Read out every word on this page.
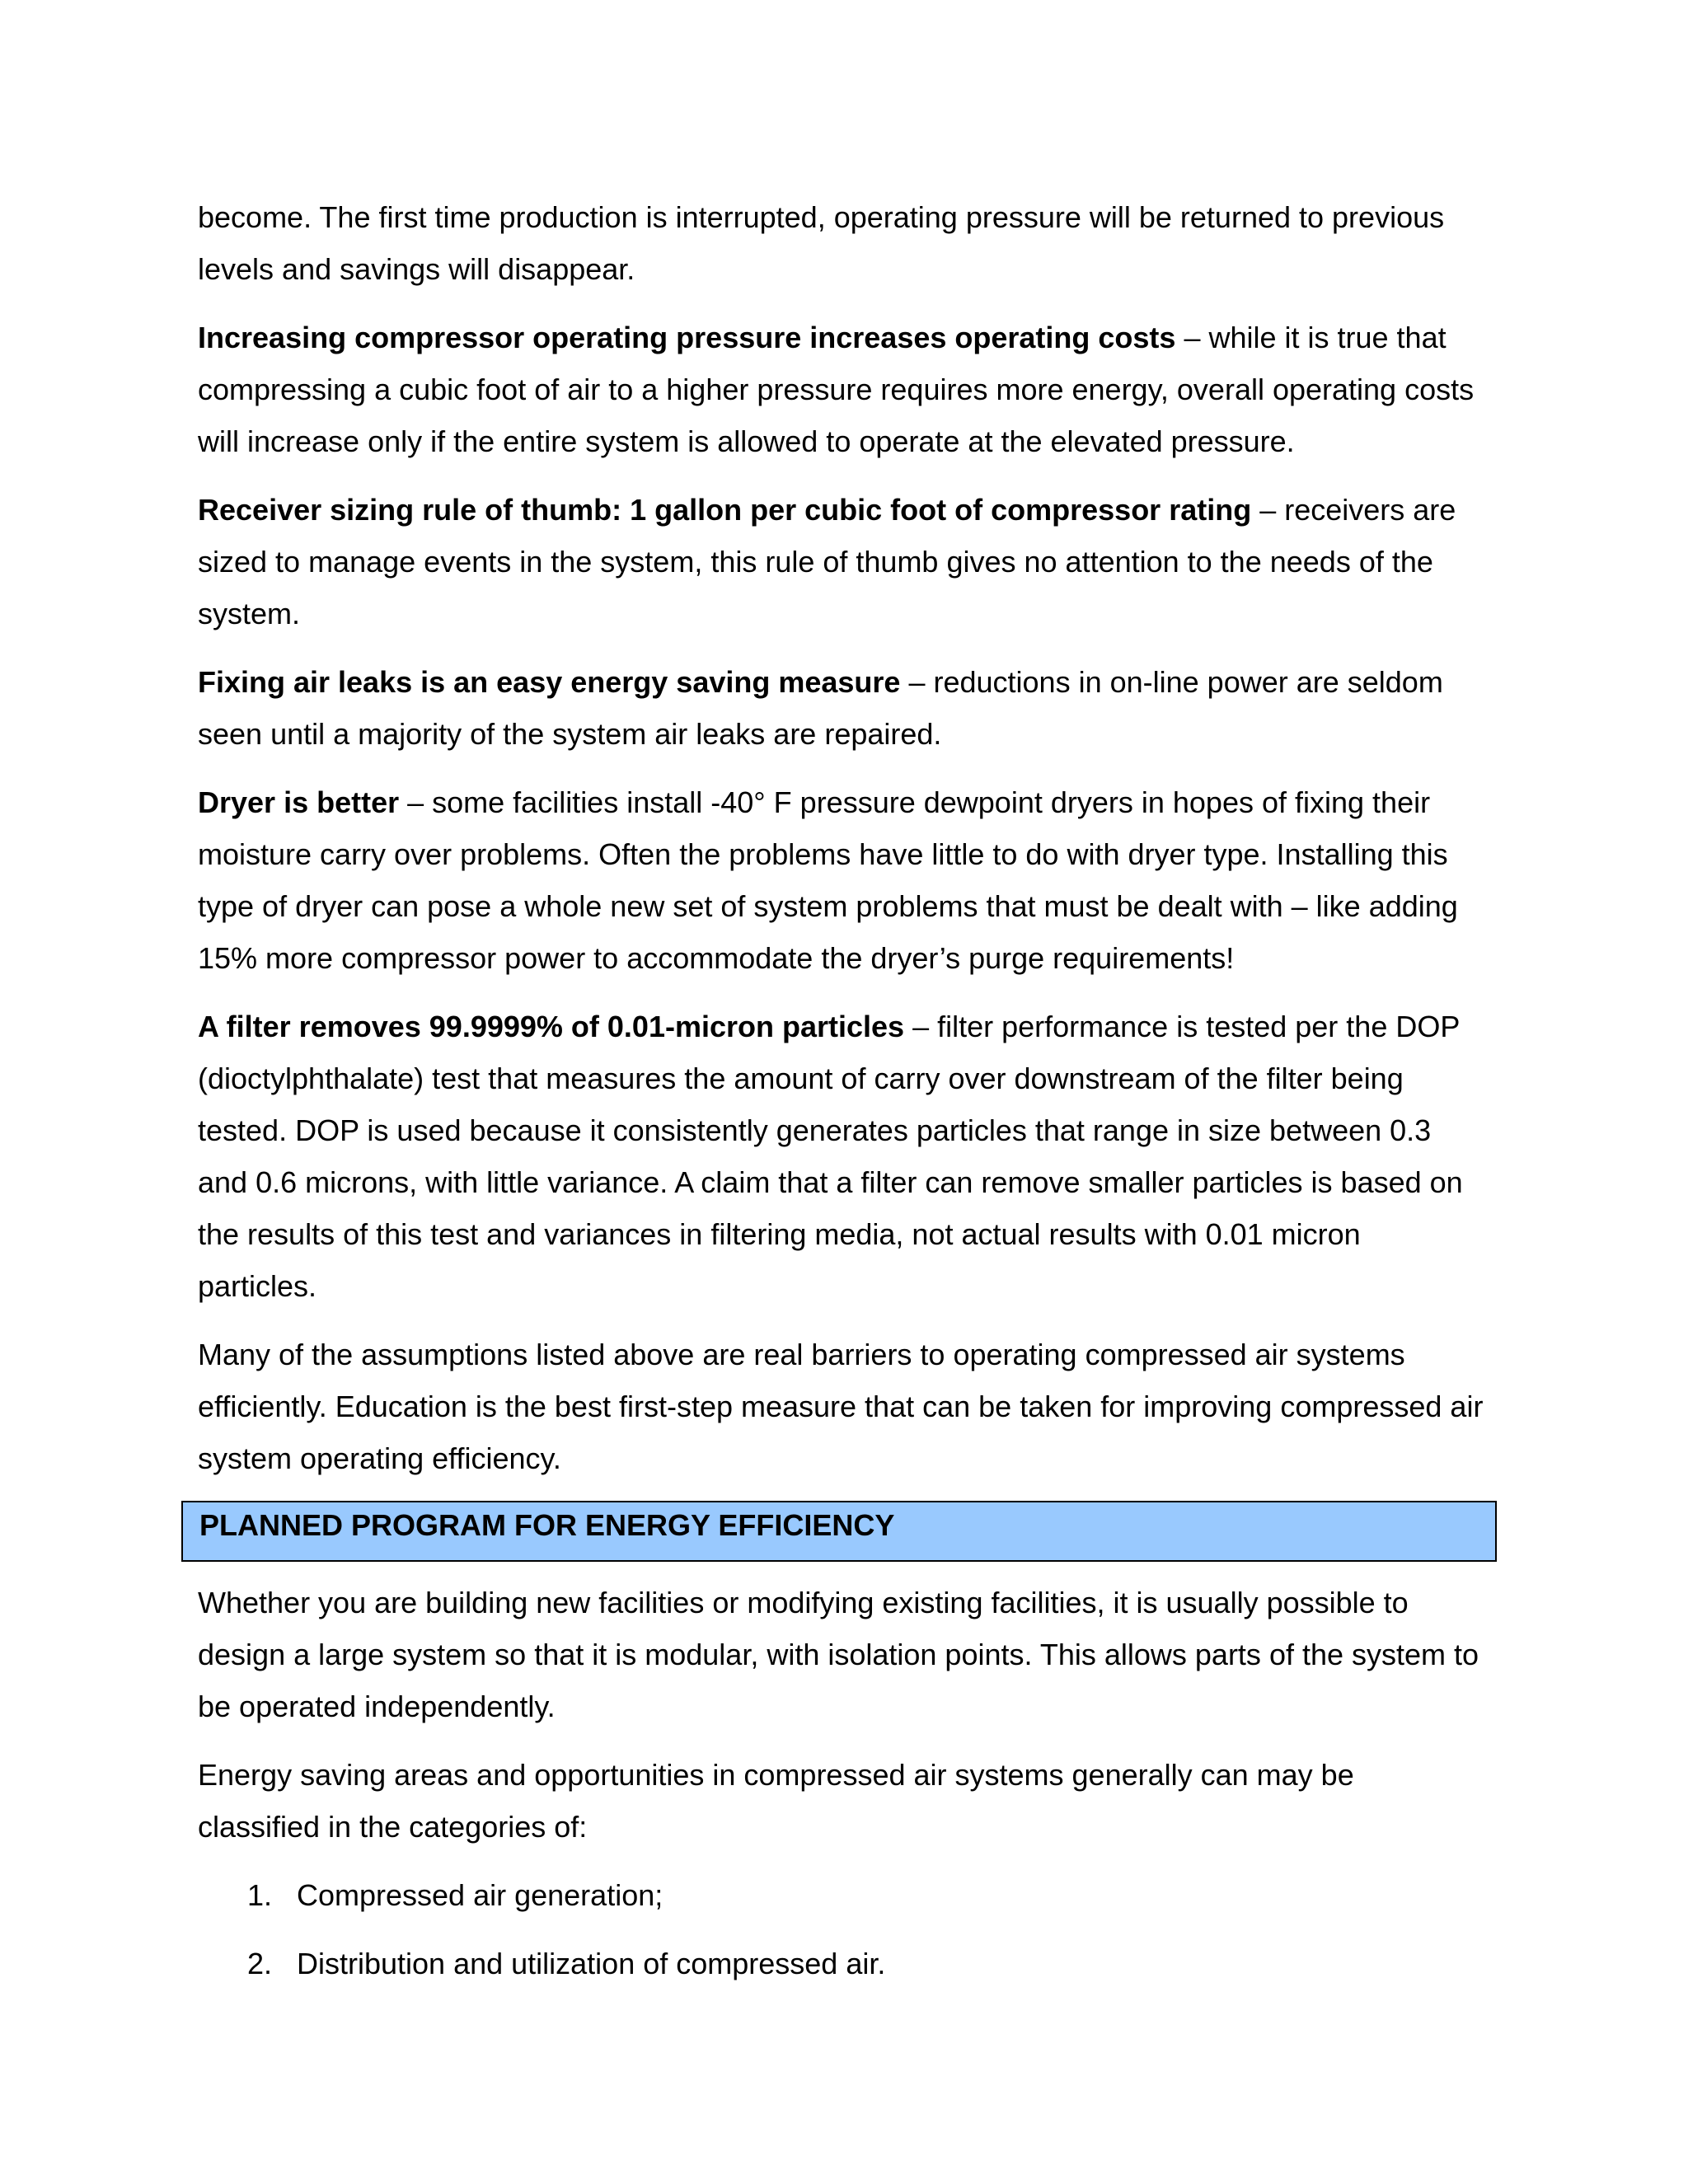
become. The first time production is interrupted, operating pressure will be returned to previous levels and savings will disappear.

Increasing compressor operating pressure increases operating costs – while it is true that compressing a cubic foot of air to a higher pressure requires more energy, overall operating costs will increase only if the entire system is allowed to operate at the elevated pressure.

Receiver sizing rule of thumb: 1 gallon per cubic foot of compressor rating – receivers are sized to manage events in the system, this rule of thumb gives no attention to the needs of the system.

Fixing air leaks is an easy energy saving measure – reductions in on-line power are seldom seen until a majority of the system air leaks are repaired.

Dryer is better – some facilities install -40° F pressure dewpoint dryers in hopes of fixing their moisture carry over problems. Often the problems have little to do with dryer type. Installing this type of dryer can pose a whole new set of system problems that must be dealt with – like adding 15% more compressor power to accommodate the dryer’s purge requirements!

A filter removes 99.9999% of 0.01-micron particles – filter performance is tested per the DOP (dioctylphthalate) test that measures the amount of carry over downstream of the filter being tested. DOP is used because it consistently generates particles that range in size between 0.3 and 0.6 microns, with little variance. A claim that a filter can remove smaller particles is based on the results of this test and variances in filtering media, not actual results with 0.01 micron particles.

Many of the assumptions listed above are real barriers to operating compressed air systems efficiently. Education is the best first-step measure that can be taken for improving compressed air system operating efficiency.

PLANNED PROGRAM FOR ENERGY EFFICIENCY

Whether you are building new facilities or modifying existing facilities, it is usually possible to design a large system so that it is modular, with isolation points. This allows parts of the system to be operated independently.

Energy saving areas and opportunities in compressed air systems generally can may be classified in the categories of:

1. Compressed air generation;
2. Distribution and utilization of compressed air.
